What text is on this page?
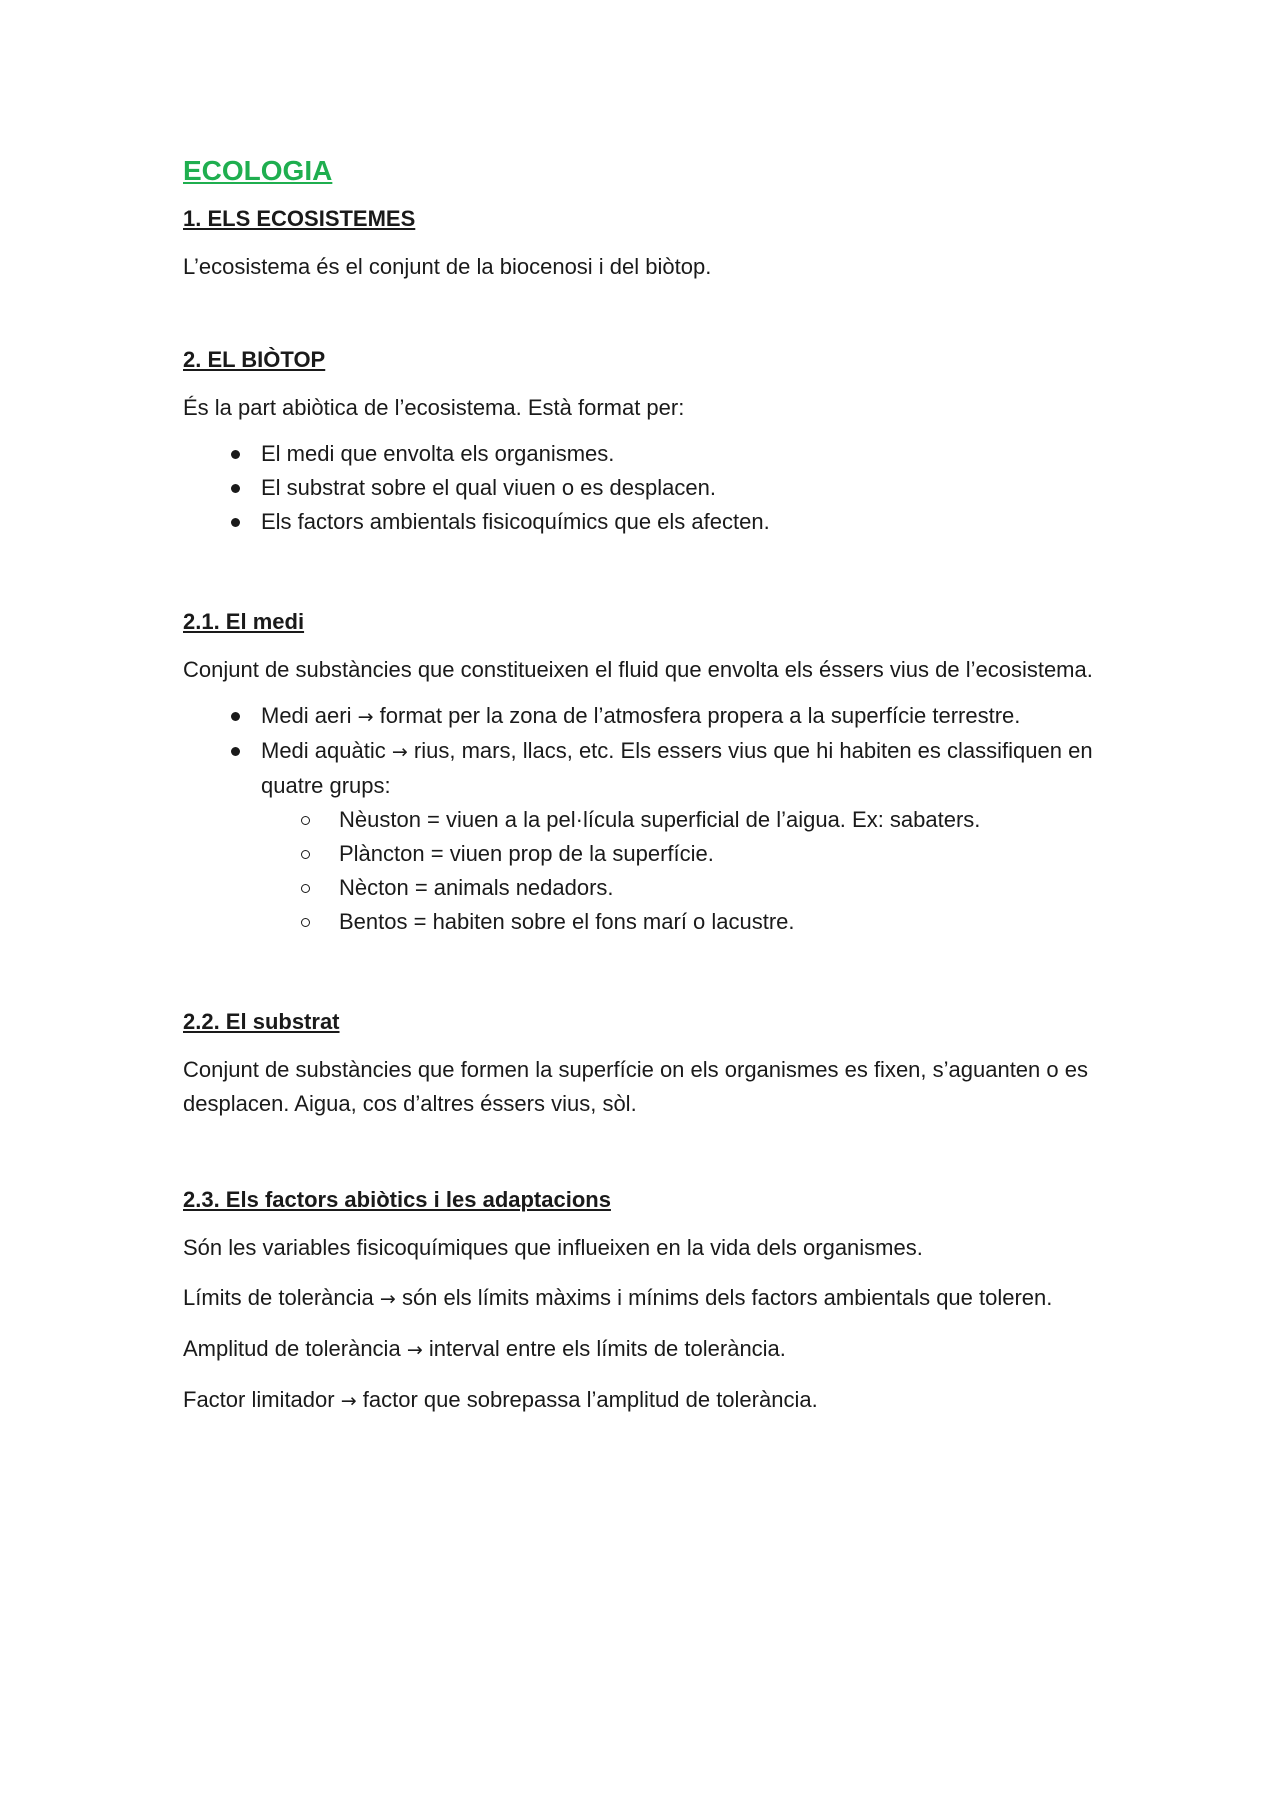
ECOLOGIA
1. ELS ECOSISTEMES

L’ecosistema és el conjunt de la biocenosi i del biòtop.

2. EL BIÒTOP

És la part abiòtica de l’ecosistema. Està format per:

El medi que envolta els organismes.
El substrat sobre el qual viuen o es desplacen.
Els factors ambientals fisicoquímics que els afecten.
2.1. El medi

Conjunt de substàncies que constitueixen el fluid que envolta els éssers vius de l’ecosistema.

Medi aeri → format per la zona de l’atmosfera propera a la superfície terrestre.
Medi aquàtic → rius, mars, llacs, etc. Els essers vius que hi habiten es classifiquen en quatre grups:
Nèuston = viuen a la pel·lícula superficial de l’aigua. Ex: sabaters.
Plàncton = viuen prop de la superfície.
Nècton = animals nedadors.
Bentos = habiten sobre el fons marí o lacustre.
2.2. El substrat

Conjunt de substàncies que formen la superfície on els organismes es fixen, s’aguanten o es desplacen. Aigua, cos d’altres éssers vius, sòl.

2.3. Els factors abiòtics i les adaptacions

Són les variables fisicoquímiques que influeixen en la vida dels organismes.

Límits de tolerància → són els límits màxims i mínims dels factors ambientals que toleren.

Amplitud de tolerància → interval entre els límits de tolerància.

Factor limitador → factor que sobrepassa l’amplitud de tolerància.
